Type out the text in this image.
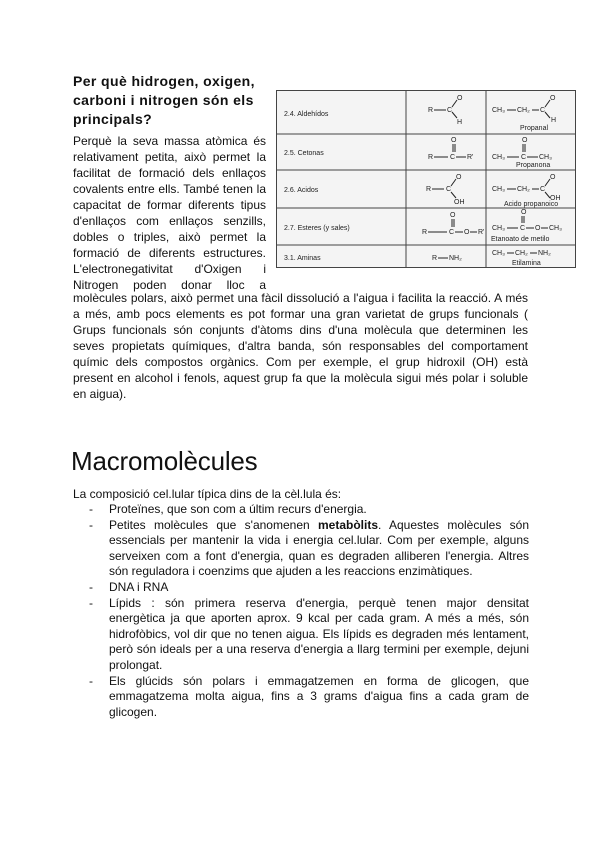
Per què hidrogen, oxigen,
carboni i nitrogen són els
principals?

Perquè la seva massa atòmica és
relativament petita, això permet la
facilitat de formació dels enllaços
covalents entre ells. També tenen la
capacitat de formar diferents tipus
d'enllaços com enllaços senzills,
dobles o triples, això permet la
formació de diferents estructures.
L'electronegativitat d'Oxigen i
Nitrogen poden donar lloc a

molècules polars, això permet una fàcil dissolució a l'aigua i facilita la reacció. A més
a més, amb pocs elements es pot formar una gran varietat de grups funcionals (
Grups funcionals són conjunts d'àtoms dins d'una molècula que determinen les
seves propietats químiques, d'altra banda, són responsables del comportament
químic dels compostos orgànics. Com per exemple, el grup hidroxil (OH) està
present en alcohol i fenols, aquest grup fa que la molècula sigui més polar i soluble
en aigua).

2.4. Aldehídos
2.5. Cetonas
2.6. Acidos
2.7. Esteres (y sales)
3.1. Aminas
R C
O
H
CH₃ CH₂ C
O
H
Propanal
O
R C R'
O
CH₃ C CH₃
Propanona
R C
O
OH
CH₃ CH₂ C
O
OH
Acido propanoico
O
R	C O R'
O
CH₃ C O CH₃
Etanoato de metilo
R NH₂
CH₃ CH₂ NH₂
Etilamina
Macromolècules

La composició cel.lular típica dins de la cèl.lula és:

- Proteïnes, que son com a últim recurs d'energia.
- Petites molècules que s'anomenen metabòlits. Aquestes molècules són
essencials per mantenir la vida i energia cel.lular. Com per exemple, alguns
serveixen com a font d'energia, quan es degraden alliberen l'energia. Altres
són reguladora i coenzims que ajuden a les reaccions enzimàtiques.
- DNA i RNA
- Lípids : són primera reserva d'energia, perquè tenen major densitat
energètica ja que aporten aprox. 9 kcal per cada gram. A més a més, són
hidrofòbics, vol dir que no tenen aigua. Els lípids es degraden més lentament,
però són ideals per a una reserva d'energia a llarg termini per exemple, dejuni
prolongat.
- Els glúcids són polars i emmagatzemen en forma de glicogen, que
emmagatzema molta aigua, fins a 3 grams d'aigua fins a cada gram de
glicogen.
